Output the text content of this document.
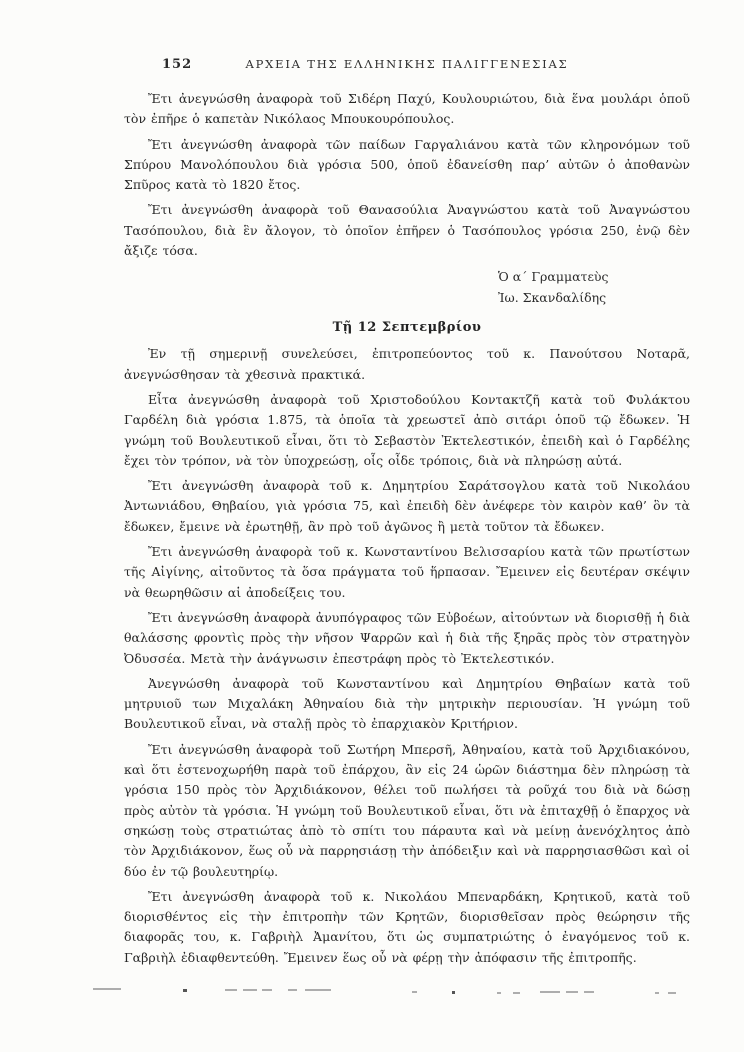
152	ΑΡΧΕΙΑ ΤΗΣ ΕΛΛΗΝΙΚΗΣ ΠΑΛΙΓΓΕΝΕΣΙΑΣ

Ἔτι ἀνεγνώσθη ἀναφορὰ τοῦ Σιδέρη Παχύ, Κουλουριώτου, διὰ ἕνα μουλάρι ὁποῦ τὸν ἐπῆρε ὁ καπετὰν Νικόλαος Μπουκουρόπουλος.

Ἔτι ἀνεγνώσθη ἀναφορὰ τῶν παίδων Γαργαλιάνου κατὰ τῶν κληρονόμων τοῦ Σπύρου Μανολόπουλου διὰ γρόσια 500, ὁποῦ ἐδανείσθη παρ’ αὐτῶν ὁ ἀποθανὼν Σπῦρος κατὰ τὸ 1820 ἔτος.

Ἔτι ἀνεγνώσθη ἀναφορὰ τοῦ Θανασούλια Ἀναγνώστου κατὰ τοῦ Ἀναγνώστου Τασόπουλου, διὰ ἓν ἄλογον, τὸ ὁποῖον ἐπῆρεν ὁ Τασόπουλος γρόσια 250, ἐνῷ δὲν ἄξιζε τόσα.

Ὁ α´ Γραμματεὺς
Ἰω. Σκανδαλίδης
Τῇ 12 Σεπτεμβρίου

Ἐν τῇ σημερινῇ συνελεύσει, ἐπιτροπεύοντος τοῦ κ. Πανούτσου Νοταρᾶ, ἀνεγνώσθησαν τὰ χθεσινὰ πρακτικά.

Εἶτα ἀνεγνώσθη ἀναφορὰ τοῦ Χριστοδούλου Κοντακτζῆ κατὰ τοῦ Φυλάκτου Γαρδέλη διὰ γρόσια 1.875, τὰ ὁποῖα τὰ χρεωστεῖ ἀπὸ σιτάρι ὁποῦ τῷ ἔδωκεν. Ἡ γνώμη τοῦ Βουλευτικοῦ εἶναι, ὅτι τὸ Σεβαστὸν Ἐκτελεστικόν, ἐπειδὴ καὶ ὁ Γαρδέλης ἔχει τὸν τρόπον, νὰ τὸν ὑποχρεώσῃ, οἷς οἶδε τρόποις, διὰ νὰ πληρώσῃ αὐτά.

Ἔτι ἀνεγνώσθη ἀναφορὰ τοῦ κ. Δημητρίου Σαράτσογλου κατὰ τοῦ Νικολάου Ἀντωνιάδου, Θηβαίου, γιὰ γρόσια 75, καὶ ἐπειδὴ δὲν ἀνέφερε τὸν καιρὸν καθ’ ὃν τὰ ἔδωκεν, ἔμεινε νὰ ἐρωτηθῇ, ἂν πρὸ τοῦ ἀγῶνος ἢ μετὰ τοῦτον τὰ ἔδωκεν.

Ἔτι ἀνεγνώσθη ἀναφορὰ τοῦ κ. Κωνσταντίνου Βελισσαρίου κατὰ τῶν πρωτίστων τῆς Αἰγίνης, αἰτοῦντος τὰ ὅσα πράγματα τοῦ ἥρπασαν. Ἔμεινεν εἰς δευτέραν σκέψιν νὰ θεωρηθῶσιν αἱ ἀποδείξεις του.

Ἔτι ἀνεγνώσθη ἀναφορὰ ἀνυπόγραφος τῶν Εὐβοέων, αἰτούντων νὰ διορισθῇ ἡ διὰ θαλάσσης φροντὶς πρὸς τὴν νῆσον Ψαρρῶν καὶ ἡ διὰ τῆς ξηρᾶς πρὸς τὸν στρατηγὸν Ὀδυσσέα. Μετὰ τὴν ἀνάγνωσιν ἐπεστράφη πρὸς τὸ Ἐκτελεστικόν.

Ἀνεγνώσθη ἀναφορὰ τοῦ Κωνσταντίνου καὶ Δημητρίου Θηβαίων κατὰ τοῦ μητρυιοῦ των Μιχαλάκη Ἀθηναίου διὰ τὴν μητρικὴν περιουσίαν. Ἡ γνώμη τοῦ Βουλευτικοῦ εἶναι, νὰ σταλῇ πρὸς τὸ ἐπαρχιακὸν Κριτήριον.

Ἔτι ἀνεγνώσθη ἀναφορὰ τοῦ Σωτήρη Μπερσῆ, Ἀθηναίου, κατὰ τοῦ Ἀρχιδιακόνου, καὶ ὅτι ἐστενοχωρήθη παρὰ τοῦ ἐπάρχου, ἂν εἰς 24 ὡρῶν διάστημα δὲν πληρώσῃ τὰ γρόσια 150 πρὸς τὸν Ἀρχιδιάκονον, θέλει τοῦ πωλήσει τὰ ροῦχά του διὰ νὰ δώσῃ πρὸς αὐτὸν τὰ γρόσια. Ἡ γνώμη τοῦ Βουλευτικοῦ εἶναι, ὅτι νὰ ἐπιταχθῇ ὁ ἔπαρχος νὰ σηκώσῃ τοὺς στρατιώτας ἀπὸ τὸ σπίτι του πάραυτα καὶ νὰ μείνῃ ἀνενόχλητος ἀπὸ τὸν Ἀρχιδιάκονον, ἕως οὗ νὰ παρρησιάσῃ τὴν ἀπόδειξιν καὶ νὰ παρρησιασθῶσι καὶ οἱ δύο ἐν τῷ βουλευτηρίῳ.

Ἔτι ἀνεγνώσθη ἀναφορὰ τοῦ κ. Νικολάου Μπεναρδάκη, Κρητικοῦ, κατὰ τοῦ διορισθέντος εἰς τὴν ἐπιτροπὴν τῶν Κρητῶν, διορισθεῖσαν πρὸς θεώρησιν τῆς διαφορᾶς του, κ. Γαβριὴλ Ἀμανίτου, ὅτι ὡς συμπατριώτης ὁ ἐναγόμενος τοῦ κ. Γαβριὴλ ἐδιαφθεντεύθη. Ἔμεινεν ἕως οὗ νὰ φέρῃ τὴν ἀπόφασιν τῆς ἐπιτροπῆς.
